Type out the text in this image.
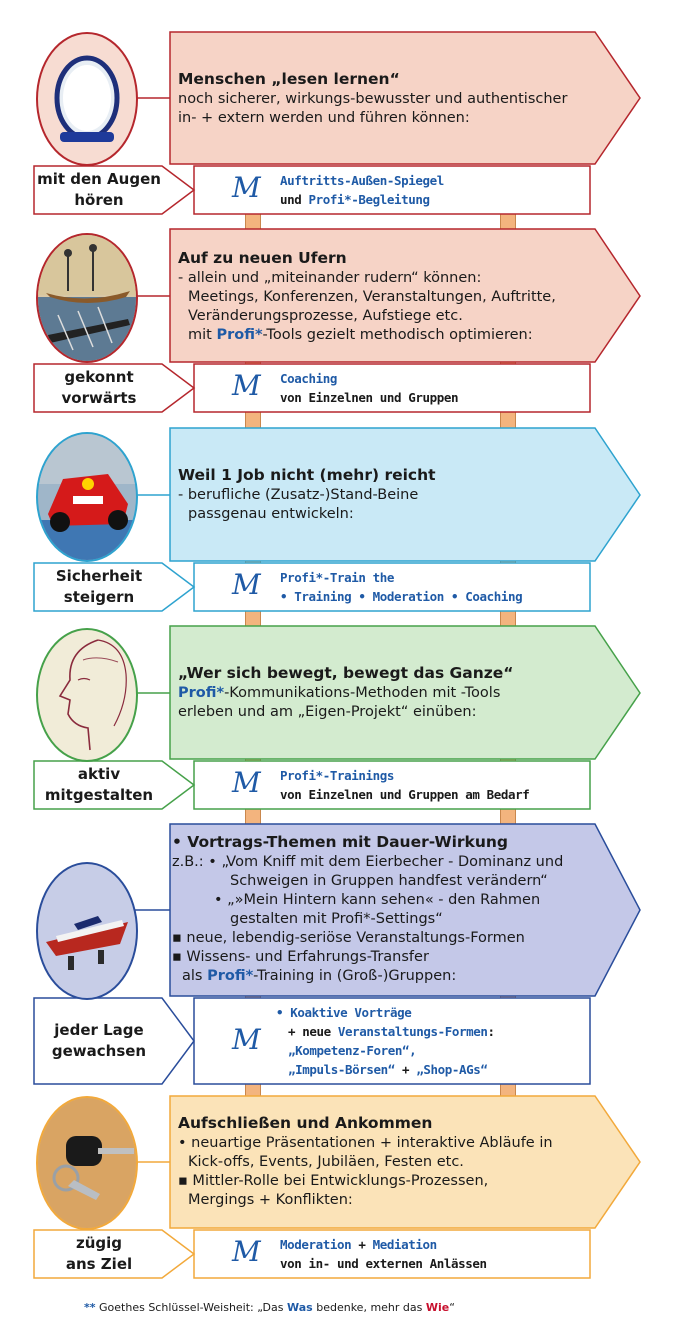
Menschen „lesen lernen“
noch sicherer, wirkungs-bewusster und authentischer
in- + extern werden und führen können:
mit den Augen
hören	M Auftritts-Außen-Spiegel
und Profi*-Begleitung
Auf zu neuen Ufern
- allein und „miteinander rudern“ können:
Meetings, Konferenzen, Veranstaltungen, Auftritte,
Veränderungsprozesse, Aufstiege etc.
mit Profi*-Tools gezielt methodisch optimieren:
gekonnt
vorwärts	M Coaching
von Einzelnen und Gruppen
Weil 1 Job nicht (mehr) reicht
- berufliche (Zusatz-)Stand-Beine
passgenau entwickeln:
Sicherheit
steigern	M Profi*-Train the
• Training • Moderation • Coaching
„Wer sich bewegt, bewegt das Ganze“
Profi*-Kommunikations-Methoden mit -Tools
erleben und am „Eigen-Projekt“ einüben:
aktiv
mitgestalten	M Profi*-Trainings
von Einzelnen und Gruppen am Bedarf
• Vortrags-Themen mit Dauer-Wirkung
z.B.: • „Vom Kniff mit dem Eierbecher - Dominanz und
Schweigen in Gruppen handfest verändern“
• „»Mein Hintern kann sehen« - den Rahmen
gestalten mit Profi*-Settings“
▪ neue, lebendig-seriöse Veranstaltungs-Formen
▪ Wissens- und Erfahrungs-Transfer
als Profi*-Training in (Groß-)Gruppen:
jeder Lage
gewachsen	M
• Koaktive Vorträge
+ neue Veranstaltungs-Formen:
„Kompetenz-Foren“,
„Impuls-Börsen“ + „Shop-AGs“
Aufschließen und Ankommen
• neuartige Präsentationen + interaktive Abläufe in
Kick-offs, Events, Jubiläen, Festen etc.
▪ Mittler-Rolle bei Entwicklungs-Prozessen,
Mergings + Konflikten:
zügig
ans Ziel	M Moderation + Mediation
von in- und externen Anlässen
** Goethes Schlüssel-Weisheit: „Das Was bedenke, mehr das Wie“
